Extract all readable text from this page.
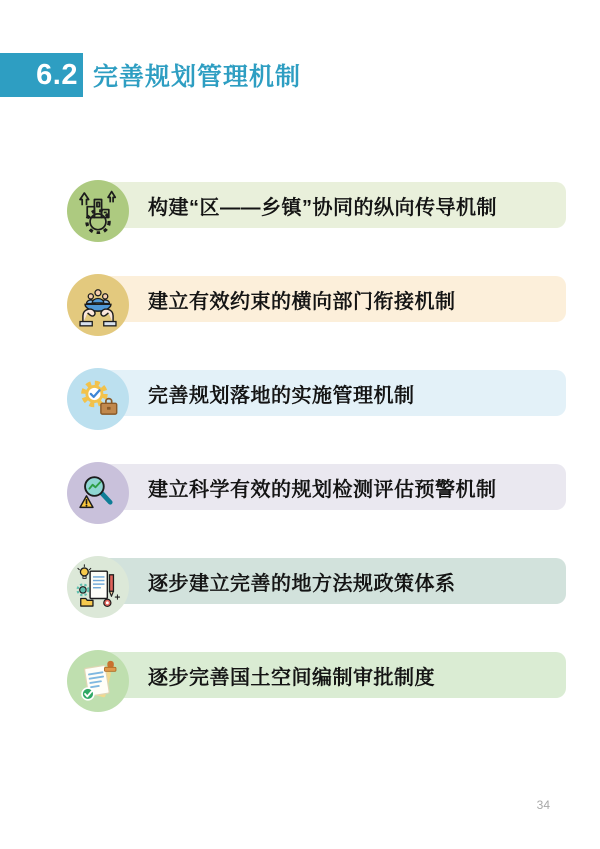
6.2 完善规划管理机制
构建“区——乡镇”协同的纵向传导机制
建立有效约束的横向部门衔接机制
完善规划落地的实施管理机制
建立科学有效的规划检测评估预警机制
逐步建立完善的地方法规政策体系
逐步完善国土空间编制审批制度
34
